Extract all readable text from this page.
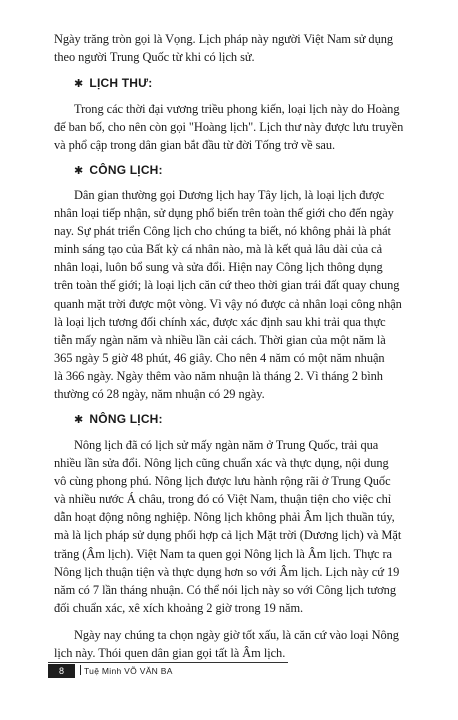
Ngày trăng tròn gọi là Vọng. Lịch pháp này người Việt Nam sử dụng
theo người Trung Quốc từ khi có lịch sử.

✱ LỊCH THƯ:

Trong các thời đại vương triều phong kiến, loại lịch này do Hoàng
đế ban bố, cho nên còn gọi "Hoàng lịch". Lịch thư này được lưu truyền
và phổ cập trong dân gian bắt đầu từ đời Tống trở về sau.

✱ CÔNG LỊCH:

Dân gian thường gọi Dương lịch hay Tây lịch, là loại lịch được
nhân loại tiếp nhận, sử dụng phổ biến trên toàn thế giới cho đến ngày
nay. Sự phát triển Công lịch cho chúng ta biết, nó không phải là phát
minh sáng tạo của Bất kỳ cá nhân nào, mà là kết quả lâu dài của cả
nhân loại, luôn bổ sung và sửa đổi. Hiện nay Công lịch thông dụng
trên toàn thế giới; là loại lịch căn cứ theo thời gian trái đất quay chung
quanh mặt trời được một vòng. Vì vậy nó được cả nhân loại công nhận
là loại lịch tương đối chính xác, được xác định sau khi trải qua thực
tiễn mấy ngàn năm và nhiều lần cải cách. Thời gian của một năm là
365 ngày 5 giờ 48 phút, 46 giây. Cho nên 4 năm có một năm nhuận
là 366 ngày. Ngày thêm vào năm nhuận là tháng 2. Vì tháng 2 bình
thường có 28 ngày, năm nhuận có 29 ngày.

✱ NÔNG LỊCH:

Nông lịch đã có lịch sử mấy ngàn năm ở Trung Quốc, trải qua
nhiều lần sửa đổi. Nông lịch cũng chuẩn xác và thực dụng, nội dung
vô cùng phong phú. Nông lịch được lưu hành rộng rãi ở Trung Quốc
và nhiều nước Á châu, trong đó có Việt Nam, thuận tiện cho việc chỉ
dẫn hoạt động nông nghiệp. Nông lịch không phải Âm lịch thuần túy,
mà là lịch pháp sử dụng phối hợp cả lịch Mặt trời (Dương lịch) và Mặt
trăng (Âm lịch). Việt Nam ta quen gọi Nông lịch là Âm lịch. Thực ra
Nông lịch thuận tiện và thực dụng hơn so với Âm lịch. Lịch này cứ 19
năm có 7 lần tháng nhuận. Có thể nói lịch này so với Công lịch tương
đối chuẩn xác, xê xích khoảng 2 giờ trong 19 năm.

Ngày nay chúng ta chọn ngày giờ tốt xấu, là căn cứ vào loại Nông
lịch này. Thói quen dân gian gọi tất là Âm lịch.

8	Tuệ Minh VÕ VĂN BA
